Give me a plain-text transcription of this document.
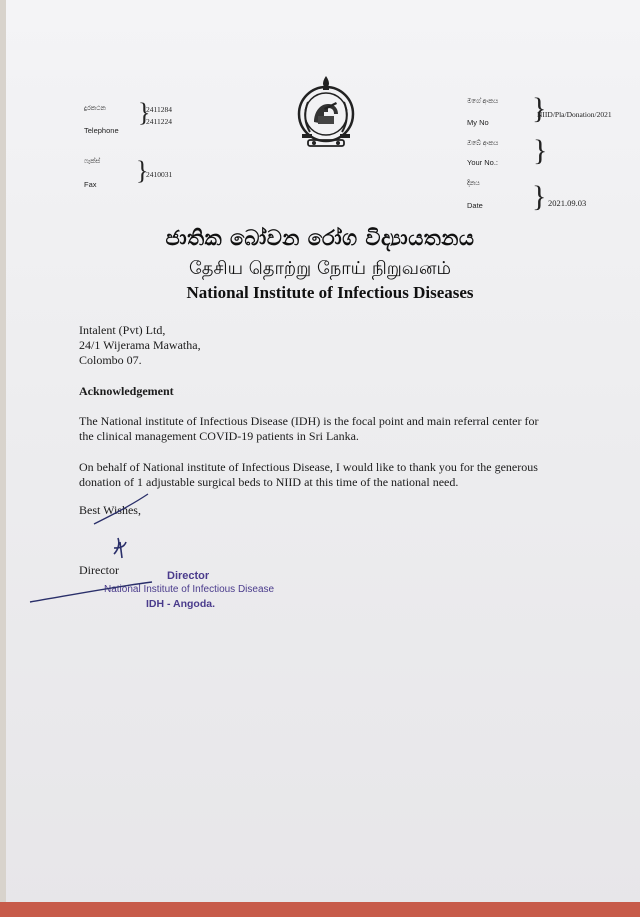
දුරකථන
Telephone
}
2411284
2411224
ෆැක්ස්
Fax }
2410031
මගේ අංකය
My No }
NIID/Pla/Donation/2021
ඔබේ අංකය
Your No.: }
දිනය
Date } 2021.09.03
ජාතික බෝවන රෝග විද්‍යායතනය
தேசிய தொற்று நோய் நிறுவனம்
National Institute of Infectious Diseases
Intalent (Pvt) Ltd,
24/1 Wijerama Mawatha,
Colombo 07.
Acknowledgement
The National institute of Infectious Disease (IDH) is the focal point and main referral center for
the clinical management COVID-19 patients in Sri Lanka.
On behalf of National institute of Infectious Disease, I would like to thank you for the generous
donation of 1 adjustable surgical beds to NIID at this time of the national need.
Best Wishes,
Director	Director
National Institute of Infectious Disease
IDH - Angoda.
